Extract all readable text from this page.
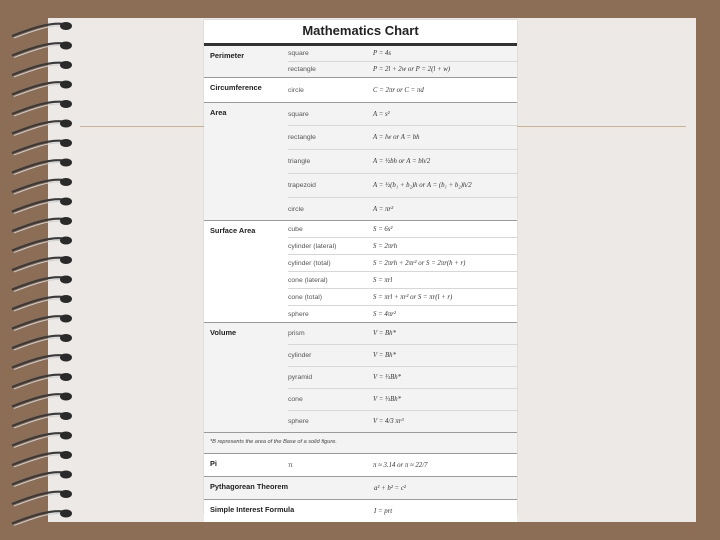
Mathematics Chart
Perimeter	square	P = 4s
rectangle	P = 2l + 2w or P = 2(l + w)
Circumference	circle	C = 2πr or C = πd
Area	square	A = s²
rectangle	A = lw or A = bh
triangle	A = ½bh or A = bh/2
trapezoid	A = ½(b₁ + b₂)h or A = (b₁ + b₂)h/2
circle	A = πr²
Surface Area	cube	S = 6s²
cylinder (lateral)	S = 2πrh
cylinder (total)	S = 2πrh + 2πr² or S = 2πr(h + r)
cone (lateral)	S = πrl
cone (total)	S = πrl + πr² or S = πr(l + r)
sphere	S = 4πr²
Volume	prism	V = Bh*
cylinder	V = Bh*
pyramid	V = ⅓Bh*
cone	V = ⅓Bh*
sphere	V = 4/3 πr³
*B represents the area of the Base of a solid figure.
Pi	π	π ≈ 3.14 or π ≈ 22/7
Pythagorean Theorem	a² + b² = c²
Simple Interest Formula	I = prt
